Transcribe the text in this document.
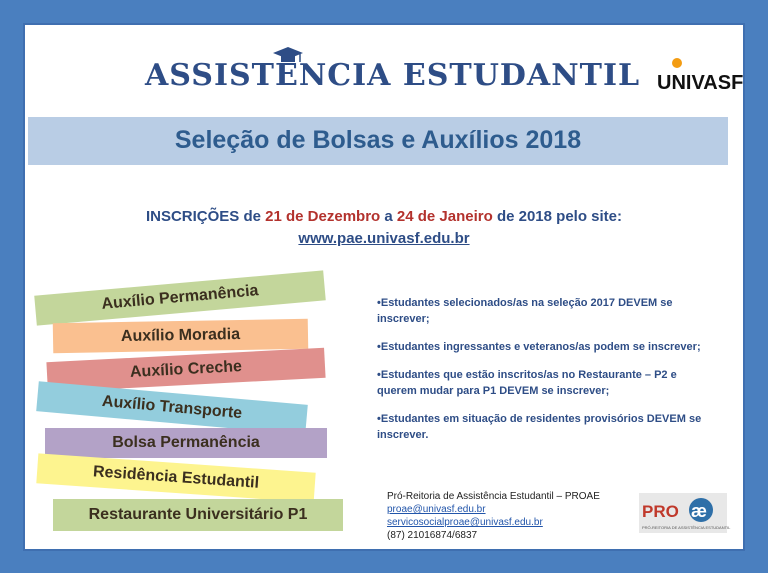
ASSISTÊNCIA ESTUDANTIL UNIVASF
Seleção de Bolsas e Auxílios 2018
INSCRIÇÕES de 21 de Dezembro a 24 de Janeiro de 2018 pelo site:
www.pae.univasf.edu.br
Auxílio Permanência
Auxílio Moradia
Auxílio Creche
Auxílio Transporte
Bolsa Permanência
Residência Estudantil
Restaurante Universitário P1

•Estudantes selecionados/as na seleção 2017 DEVEM se inscrever;

•Estudantes ingressantes e veteranos/as podem se inscrever;

•Estudantes que estão inscritos/as no Restaurante – P2 e querem mudar para P1 DEVEM se inscrever;

•Estudantes em situação de residentes provisórios DEVEM se inscrever.

Pró-Reitoria de Assistência Estudantil – PROAE
proae@univasf.edu.br
servicosocialproae@univasf.edu.br
(87) 21016874/6837
PRO æ
PRÓ-REITORIA DE ASSISTÊNCIA ESTUDANTIL
